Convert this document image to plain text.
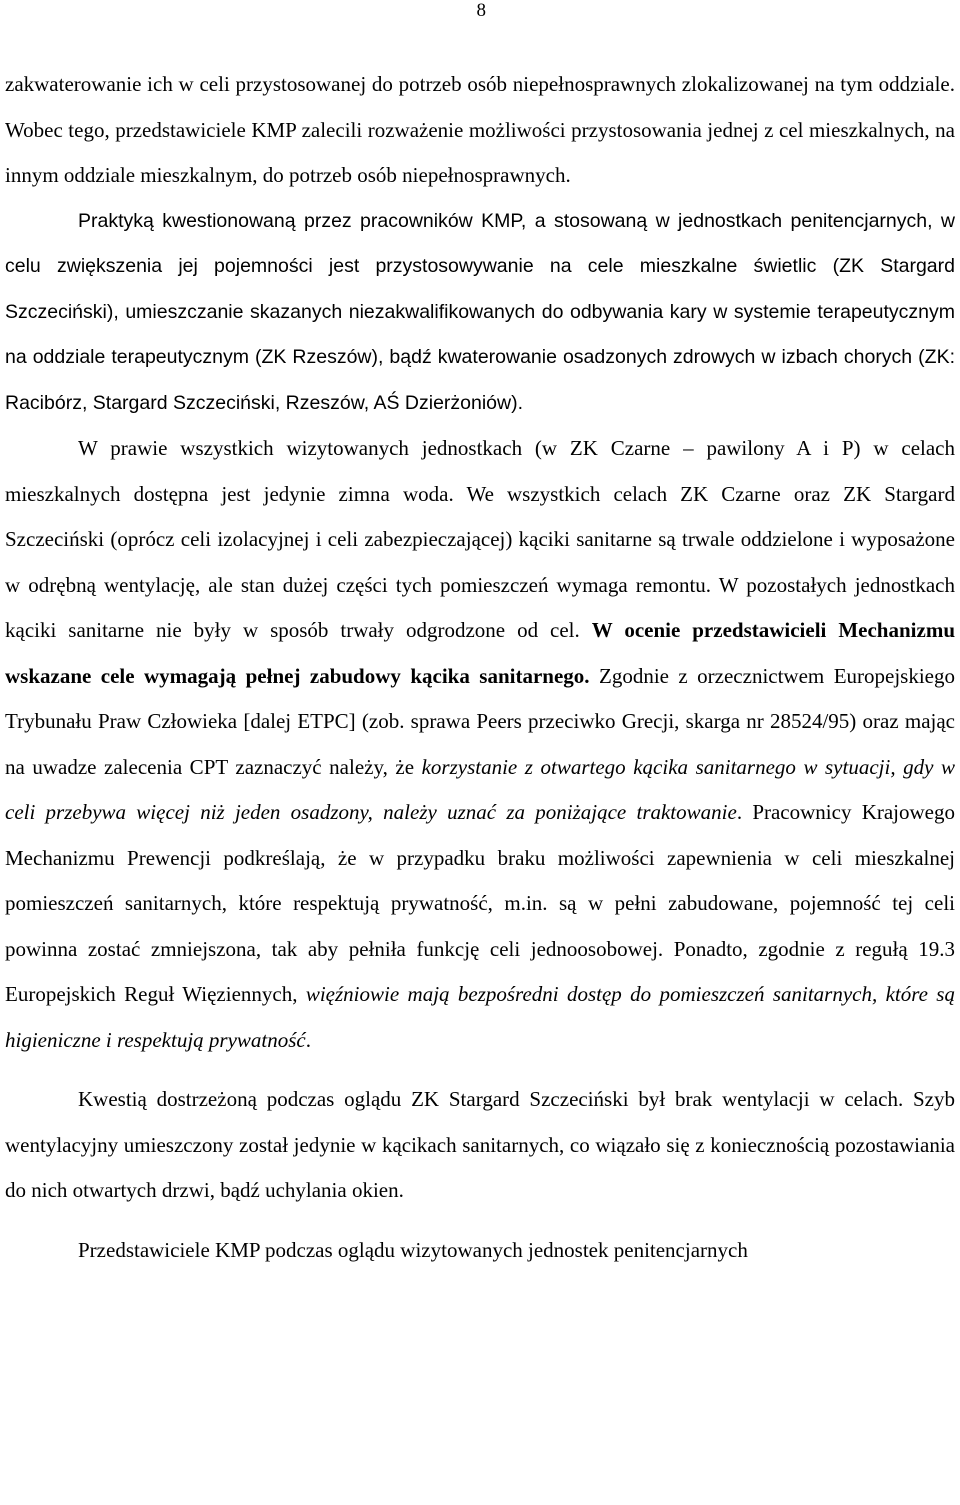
8

zakwaterowanie ich w celi przystosowanej do potrzeb osób niepełnosprawnych zlokalizowanej na tym oddziale. Wobec tego, przedstawiciele KMP zalecili rozważenie możliwości przystosowania jednej z cel mieszkalnych, na innym oddziale mieszkalnym, do potrzeb osób niepełnosprawnych.

Praktyką kwestionowaną przez pracowników KMP, a stosowaną w jednostkach penitencjarnych, w celu zwiększenia jej pojemności jest przystosowywanie na cele mieszkalne świetlic (ZK Stargard Szczeciński), umieszczanie skazanych niezakwalifikowanych do odbywania kary w systemie terapeutycznym na oddziale terapeutycznym (ZK Rzeszów), bądź kwaterowanie osadzonych zdrowych w izbach chorych (ZK: Racibórz, Stargard Szczeciński, Rzeszów, AŚ Dzierżoniów).

W prawie wszystkich wizytowanych jednostkach (w ZK Czarne – pawilony A i P) w celach mieszkalnych dostępna jest jedynie zimna woda. We wszystkich celach ZK Czarne oraz ZK Stargard Szczeciński (oprócz celi izolacyjnej i celi zabezpieczającej) kąciki sanitarne są trwale oddzielone i wyposażone w odrębną wentylację, ale stan dużej części tych pomieszczeń wymaga remontu. W pozostałych jednostkach kąciki sanitarne nie były w sposób trwały odgrodzone od cel. W ocenie przedstawicieli Mechanizmu wskazane cele wymagają pełnej zabudowy kącika sanitarnego. Zgodnie z orzecznictwem Europejskiego Trybunału Praw Człowieka [dalej ETPC] (zob. sprawa Peers przeciwko Grecji, skarga nr 28524/95) oraz mając na uwadze zalecenia CPT zaznaczyć należy, że korzystanie z otwartego kącika sanitarnego w sytuacji, gdy w celi przebywa więcej niż jeden osadzony, należy uznać za poniżające traktowanie. Pracownicy Krajowego Mechanizmu Prewencji podkreślają, że w przypadku braku możliwości zapewnienia w celi mieszkalnej pomieszczeń sanitarnych, które respektują prywatność, m.in. są w pełni zabudowane, pojemność tej celi powinna zostać zmniejszona, tak aby pełniła funkcję celi jednoosobowej. Ponadto, zgodnie z regułą 19.3 Europejskich Reguł Więziennych, więźniowie mają bezpośredni dostęp do pomieszczeń sanitarnych, które są higieniczne i respektują prywatność.

Kwestią dostrzeżoną podczas oglądu ZK Stargard Szczeciński był brak wentylacji w celach. Szyb wentylacyjny umieszczony został jedynie w kącikach sanitarnych, co wiązało się z koniecznością pozostawiania do nich otwartych drzwi, bądź uchylania okien.

Przedstawiciele KMP podczas oglądu wizytowanych jednostek penitencjarnych
